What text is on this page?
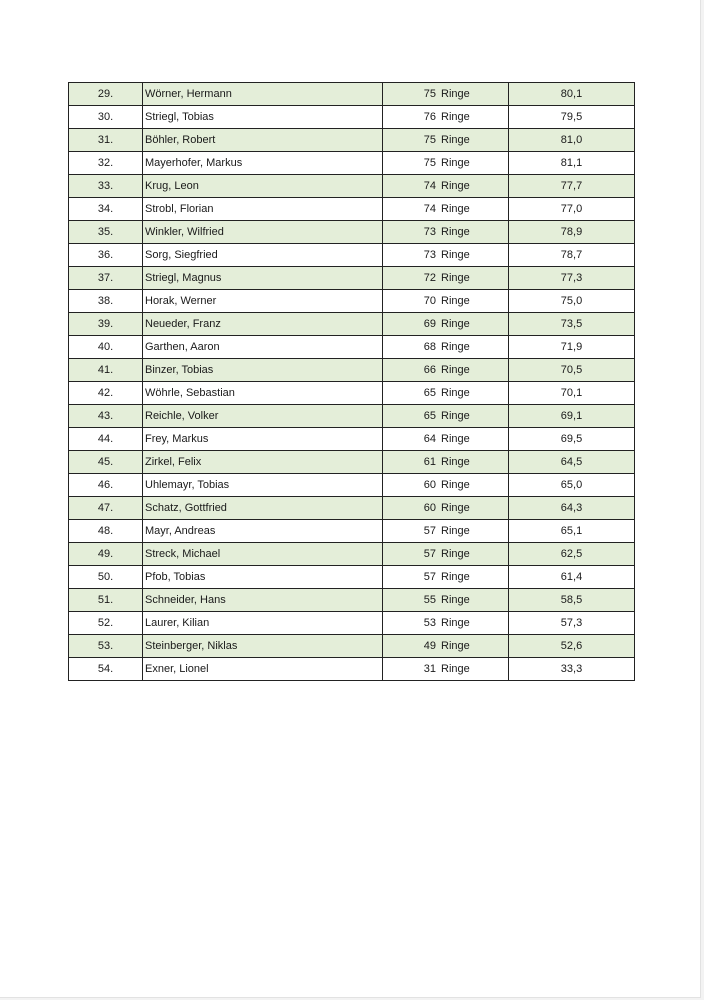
29.	Wörner, Hermann	75 Ringe	80,1
30.	Striegl, Tobias	76 Ringe	79,5
31.	Böhler, Robert	75 Ringe	81,0
32.	Mayerhofer, Markus	75 Ringe	81,1
33.	Krug, Leon	74 Ringe	77,7
34.	Strobl, Florian	74 Ringe	77,0
35.	Winkler, Wilfried	73 Ringe	78,9
36.	Sorg, Siegfried	73 Ringe	78,7
37.	Striegl, Magnus	72 Ringe	77,3
38.	Horak, Werner	70 Ringe	75,0
39.	Neueder, Franz	69 Ringe	73,5
40.	Garthen, Aaron	68 Ringe	71,9
41.	Binzer, Tobias	66 Ringe	70,5
42.	Wöhrle, Sebastian	65 Ringe	70,1
43.	Reichle, Volker	65 Ringe	69,1
44.	Frey, Markus	64 Ringe	69,5
45.	Zirkel, Felix	61 Ringe	64,5
46.	Uhlemayr, Tobias	60 Ringe	65,0
47.	Schatz, Gottfried	60 Ringe	64,3
48.	Mayr, Andreas	57 Ringe	65,1
49.	Streck, Michael	57 Ringe	62,5
50.	Pfob, Tobias	57 Ringe	61,4
51.	Schneider, Hans	55 Ringe	58,5
52.	Laurer, Kilian	53 Ringe	57,3
53.	Steinberger, Niklas	49 Ringe	52,6
54.	Exner, Lionel	31 Ringe	33,3
